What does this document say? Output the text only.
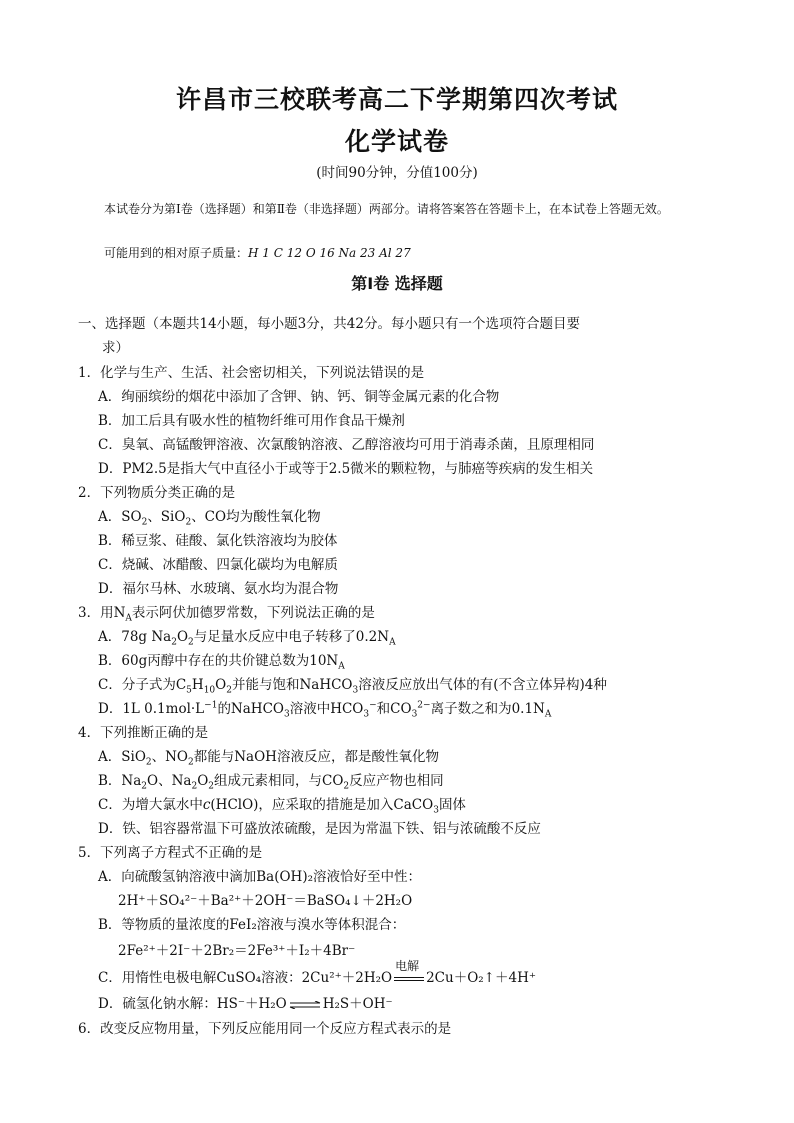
许昌市三校联考高二下学期第四次考试
化学试卷
(时间90分钟，分值100分)
本试卷分为第Ⅰ卷（选择题）和第Ⅱ卷（非选择题）两部分。请将答案答在答题卡上，在本试卷上答题无效。
可能用到的相对原子质量：H 1 C 12 O 16 Na 23 Al 27
第Ⅰ卷 选择题
一、选择题（本题共14小题，每小题3分，共42分。每小题只有一个选项符合题目要
求）
1．化学与生产、生活、社会密切相关，下列说法错误的是
A．绚丽缤纷的烟花中添加了含钾、钠、钙、铜等金属元素的化合物
B．加工后具有吸水性的植物纤维可用作食品干燥剂
C．臭氧、高锰酸钾溶液、次氯酸钠溶液、乙醇溶液均可用于消毒杀菌，且原理相同
D．PM2.5是指大气中直径小于或等于2.5微米的颗粒物，与肺癌等疾病的发生相关
2．下列物质分类正确的是
A．$SO_2$、SiO$_2$、CO均为酸性氧化物
B．稀豆浆、硅酸、氯化铁溶液均为胶体
C．烧碱、冰醋酸、四氯化碳均为电解质
D．福尔马林、水玻璃、氨水均为混合物
3．用$N_A$表示阿伏加德罗常数，下列说法正确的是
A．78g $Na_2O_2$与足量水反应中电子转移了$0.2N_A$
B．60g丙醇中存在的共价键总数为$10N_A$
C．分子式为$C_5H_{10}O_2$并能与饱和NaHCO$_3$溶液反应放出气体的有(不含立体异构)4种
D．1L $0.1mol\cdot L^{-1}$的NaHCO$_3$溶液中$HCO_3^-$和$CO_3^{2-}$离子数之和为$0.1N_A$
4．下列推断正确的是
A．SiO$_2$、$NO_2$都能与NaOH溶液反应，都是酸性氧化物
B．$Na_2O$、$Na_2O_2$组成元素相同，与$CO_2$反应产物也相同
C．为增大氯水中c(HClO)，应采取的措施是加入CaCO$_3$固体
D．铁、铝容器常温下可盛放浓硫酸，是因为常温下铁、铝与浓硫酸不反应
5．下列离子方程式不正确的是
A．向硫酸氢钠溶液中滴加Ba(OH)₂溶液恰好至中性：
2H⁺＋SO₄²⁻＋Ba²⁺＋2OH⁻＝BaSO₄↓＋2H₂O
B．等物质的量浓度的FeI₂溶液与溴水等体积混合：
2Fe²⁺＋2I⁻＋2Br₂＝2Fe³⁺＋I₂＋4Br⁻
C．用惰性电极电解CuSO₄溶液：2Cu²⁺＋2H₂O
电解
2Cu＋O₂↑＋4H⁺
D．硫氢化钠水解：HS⁻＋H₂O ⇌ H₂S＋OH⁻
6．改变反应物用量，下列反应能用同一个反应方程式表示的是
